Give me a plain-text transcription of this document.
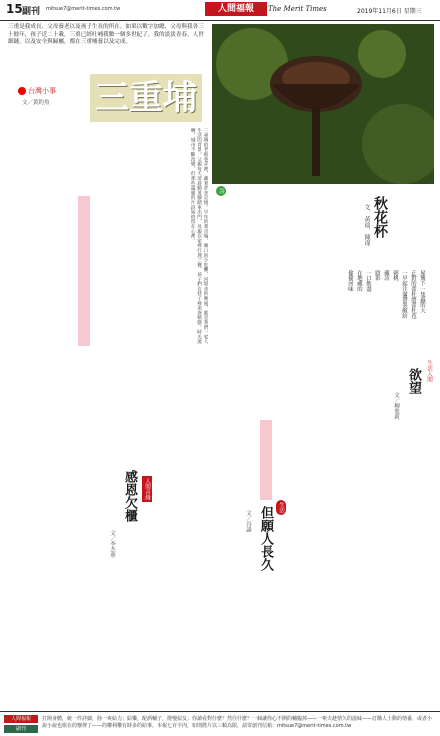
15 副刊 mitsue7@merit-times.com.tw	人間福報	The Merit Times	2019年11月6日 星期三
三重是我成長、父母養老以及孩子生長的所在。如果以數字加總，父母與我各三十餘年，孩子近二十載，三重已經吐哺我數一個多世紀了。我的淡淡青春、人世細縫、以及安全與歸屬，都在三重哺養以及完成。
台灣小事
文／黃釣魚 三重埔
三重埔的老街巷弄裡，藏著許多記憶。早年的菜市場、廟口的小吃攤、河堤旁的晚風，都是我們一家人生活的背景。父親每天清晨騎著腳踏車出門，母親在家裡打理三餐，孩子們在巷子裡追逐嬉戲。時光流轉，城市不斷改變，但那些溫暖的片段始終留在心裡。	詩
秋花杯
文．黃瑞．陳瑾
屋簷下一隻蟲的大
正對的蕾杜將蕾杜苞
一早起注滿帶墨繽紛
刺桃
藏詩
陰影
一口飲盡
在地藏的
偷偷回味
生活人間
欲望
文／柳葉莉
生活
但願人長久
文／谷諭
人間音緣
感恩欠櫃
文／李杰蕙
人間福報
副刊
打開身體，統一件詳細，陸一爽給力；給樂，配酒輔子，燈慢似友；你讀看對什麼？然往什麼？一個讓你心不開的輔臨掉——一牽夫趁情久的滋味——訂購人士動的情番，或者小說小說也組在的懷裡了——的權利權有時多的給事，本報七百字內，如則將片以三幀為限，請寄創刊信箱：mitsue7@merit-times.com.tw
